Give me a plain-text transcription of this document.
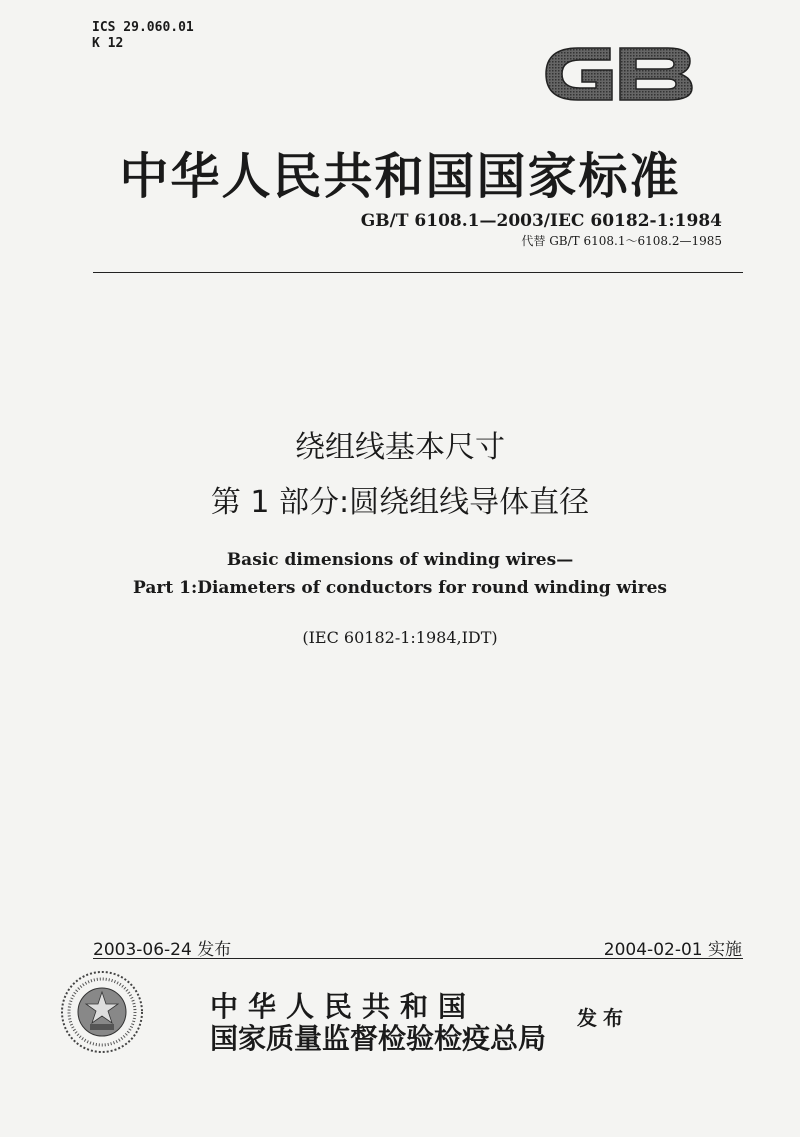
ICS 29.060.01
K 12
GB
中华人民共和国国家标准
GB/T 6108.1—2003/IEC 60182-1:1984
代替 GB/T 6108.1～6108.2—1985
绕组线基本尺寸
第 1 部分:圆绕组线导体直径
Basic dimensions of winding wires—
Part 1:Diameters of conductors for round winding wires
(IEC 60182-1:1984,IDT)
2003-06-24 发布	2004-02-01 实施
中华人民共和国
国家质量监督检验检疫总局
发布
